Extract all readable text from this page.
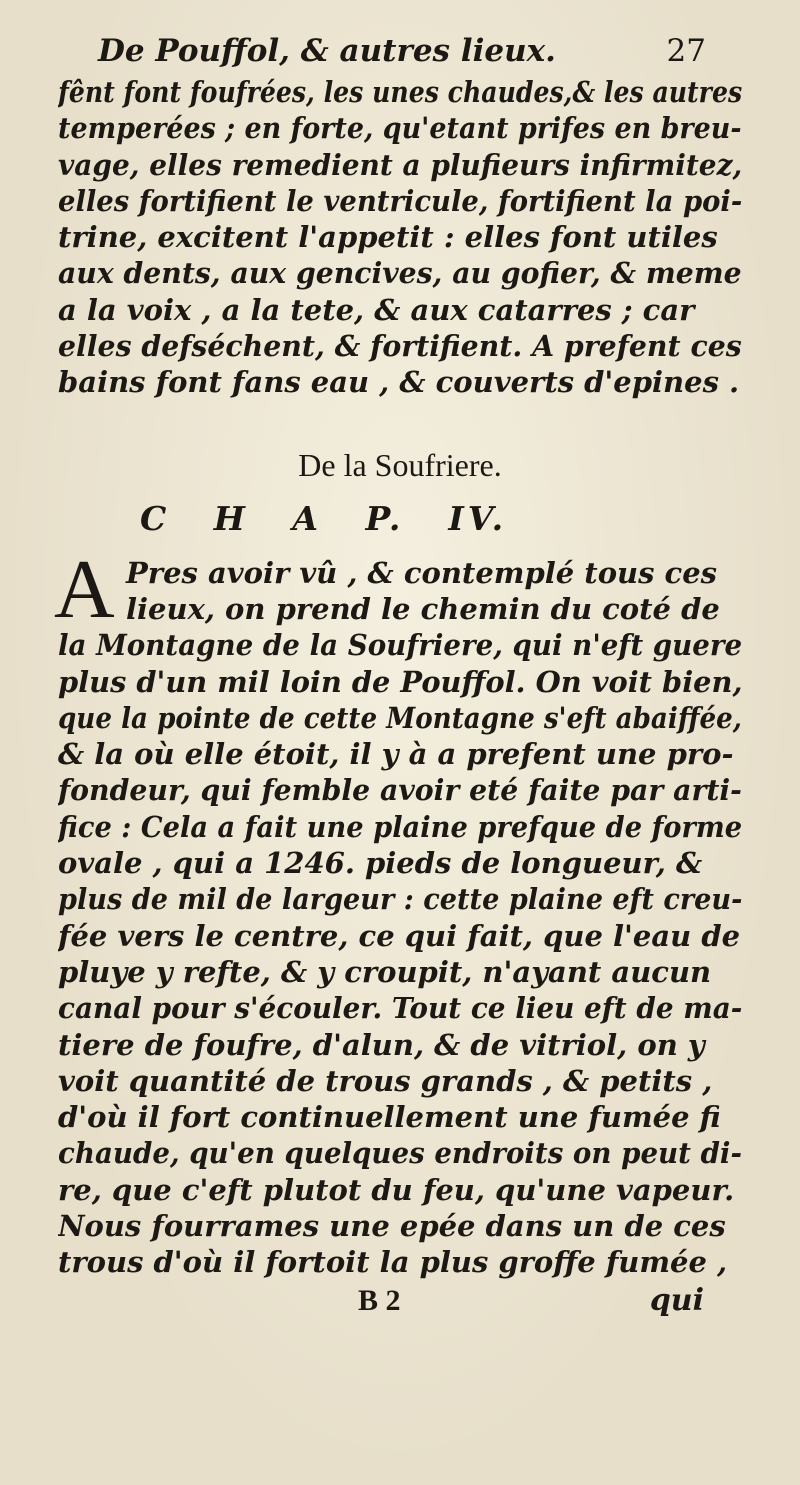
De Pouffol, & autres lieux.	27

fênt font foufrées, les unes chaudes,& les autres
temperées ; en forte, qu'etant prifes en breu-
vage, elles remedient a plufieurs infirmitez,
elles fortifient le ventricule, fortifient la poi-
trine, excitent l'appetit : elles font utiles
aux dents, aux gencives, au gofier, & meme
a la voix , a la tete, & aux catarres ; car
elles defséchent, & fortifient. A prefent ces
bains font fans eau , & couverts d'epines .

De la Soufriere.
C H A P. IV.
A Pres avoir vû , & contemplé tous ces
lieux, on prend le chemin du coté de
la Montagne de la Soufriere, qui n'eft guere
plus d'un mil loin de Pouffol. On voit bien,
que la pointe de cette Montagne s'eft abaiffée,
& la où elle étoit, il y à a prefent une pro-
fondeur, qui femble avoir eté faite par arti-
fice : Cela a fait une plaine prefque de forme
ovale , qui a 1246. pieds de longueur, &
plus de mil de largeur : cette plaine eft creu-
fée vers le centre, ce qui fait, que l'eau de
pluye y refte, & y croupit, n'ayant aucun
canal pour s'écouler. Tout ce lieu eft de ma-
tiere de foufre, d'alun, & de vitriol, on y
voit quantité de trous grands , & petits ,
d'où il fort continuellement une fumée fi
chaude, qu'en quelques endroits on peut di-
re, que c'eft plutot du feu, qu'une vapeur.
Nous fourrames une epée dans un de ces
trous d'où il fortoit la plus groffe fumée ,
B 2	qui
